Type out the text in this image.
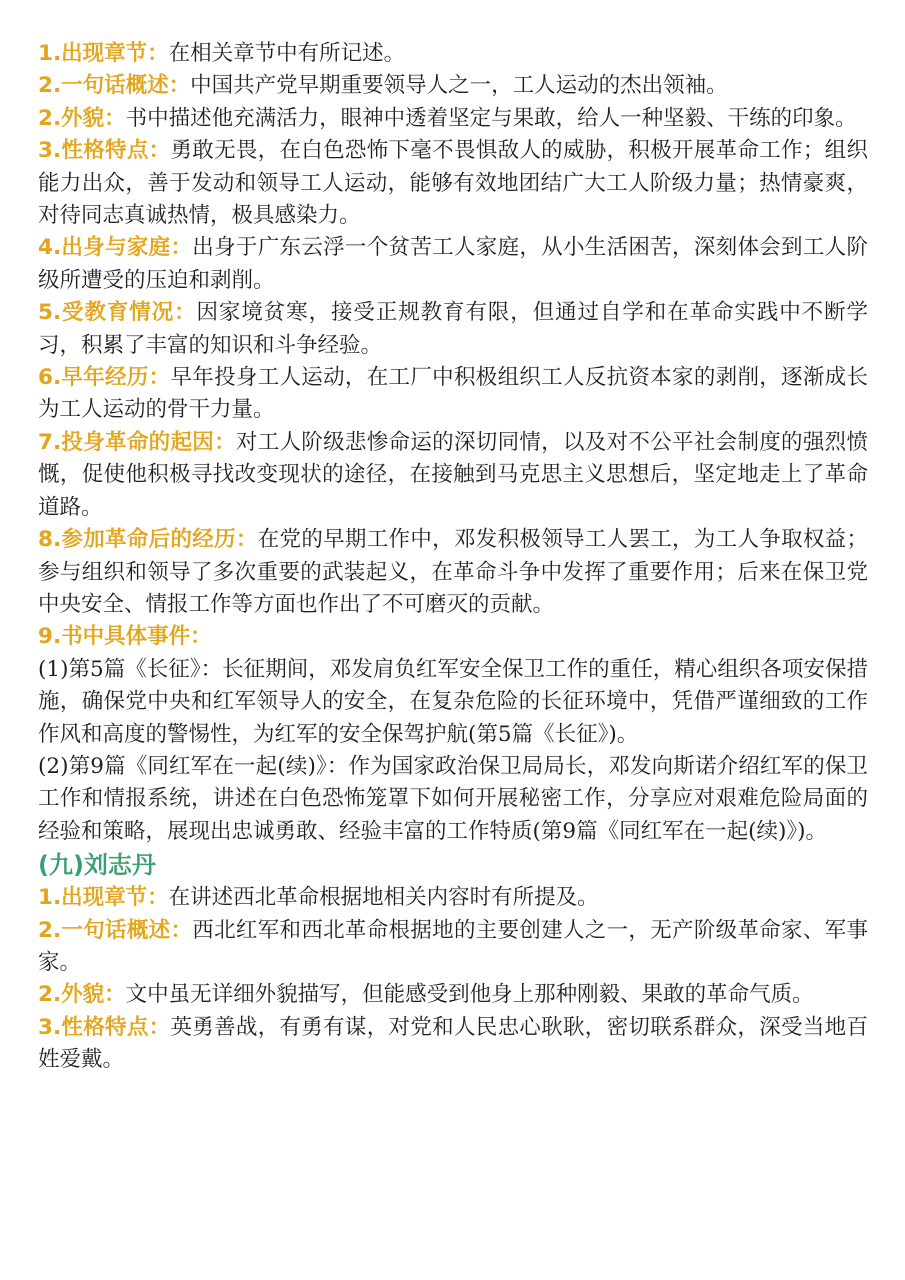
1.出现章节：在相关章节中有所记述。

2.一句话概述：中国共产党早期重要领导人之一，工人运动的杰出领袖。

2.外貌：书中描述他充满活力，眼神中透着坚定与果敢，给人一种坚毅、干练的印象。

3.性格特点：勇敢无畏，在白色恐怖下毫不畏惧敌人的威胁，积极开展革命工作；组织能力出众，善于发动和领导工人运动，能够有效地团结广大工人阶级力量；热情豪爽，对待同志真诚热情，极具感染力。

4.出身与家庭：出身于广东云浮一个贫苦工人家庭，从小生活困苦，深刻体会到工人阶级所遭受的压迫和剥削。

5.受教育情况：因家境贫寒，接受正规教育有限，但通过自学和在革命实践中不断学习，积累了丰富的知识和斗争经验。

6.早年经历：早年投身工人运动，在工厂中积极组织工人反抗资本家的剥削，逐渐成长为工人运动的骨干力量。

7.投身革命的起因：对工人阶级悲惨命运的深切同情，以及对不公平社会制度的强烈愤慨，促使他积极寻找改变现状的途径，在接触到马克思主义思想后，坚定地走上了革命道路。

8.参加革命后的经历：在党的早期工作中，邓发积极领导工人罢工，为工人争取权益；参与组织和领导了多次重要的武装起义，在革命斗争中发挥了重要作用；后来在保卫党中央安全、情报工作等方面也作出了不可磨灭的贡献。

9.书中具体事件：

(1)第5篇《长征》：长征期间，邓发肩负红军安全保卫工作的重任，精心组织各项安保措施，确保党中央和红军领导人的安全，在复杂危险的长征环境中，凭借严谨细致的工作作风和高度的警惕性，为红军的安全保驾护航(第5篇《长征》)。

(2)第9篇《同红军在一起(续)》：作为国家政治保卫局局长，邓发向斯诺介绍红军的保卫工作和情报系统，讲述在白色恐怖笼罩下如何开展秘密工作，分享应对艰难危险局面的经验和策略，展现出忠诚勇敢、经验丰富的工作特质(第9篇《同红军在一起(续)》)。

(九)刘志丹

1.出现章节：在讲述西北革命根据地相关内容时有所提及。

2.一句话概述：西北红军和西北革命根据地的主要创建人之一，无产阶级革命家、军事家。

2.外貌：文中虽无详细外貌描写，但能感受到他身上那种刚毅、果敢的革命气质。

3.性格特点：英勇善战，有勇有谋，对党和人民忠心耿耿，密切联系群众，深受当地百姓爱戴。
